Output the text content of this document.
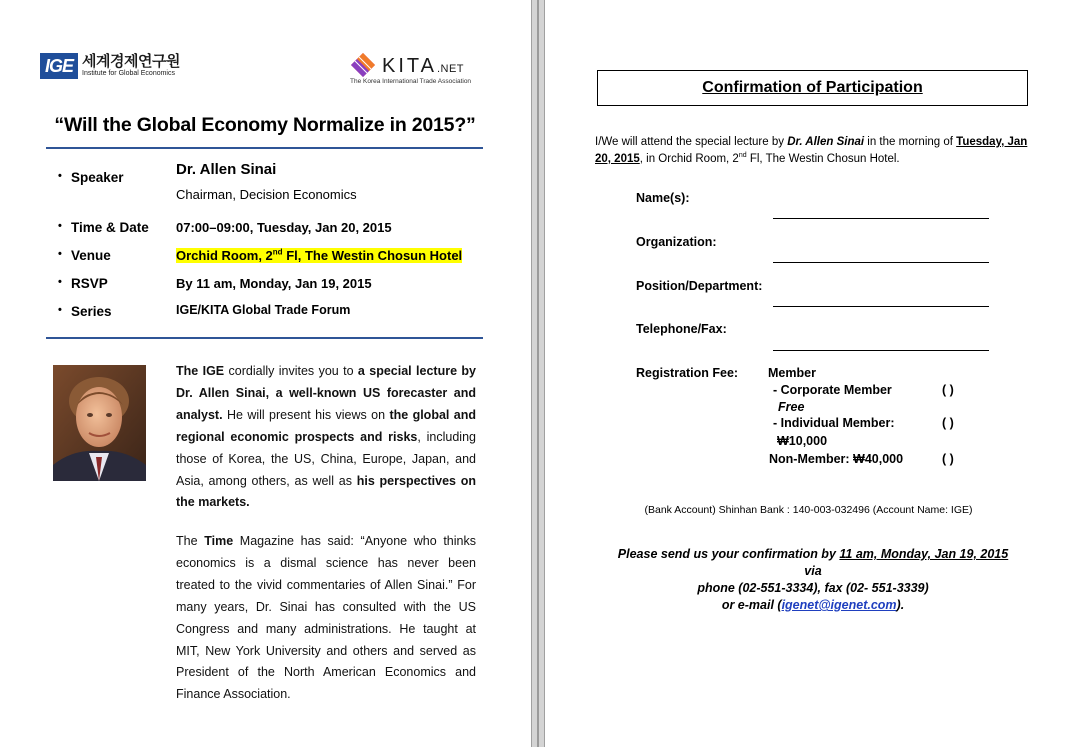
IGE 세계경제연구원
Institute for Global Economics	KITA.NET
The Korea International Trade Association
“Will the Global Economy Normalize in 2015?”
• Speaker	Dr. Allen Sinai
Chairman, Decision Economics
• Time & Date 07:00–09:00, Tuesday, Jan 20, 2015
• Venue	Orchid Room, 2nd Fl, The Westin Chosun Hotel
• RSVP	By 11 am, Monday, Jan 19, 2015
• Series	IGE/KITA Global Trade Forum
The IGE cordially invites you to a special lecture by Dr. Allen Sinai, a well-known US forecaster and analyst. He will present his views on the global and regional economic prospects and risks, including those of Korea, the US, China, Europe, Japan, and Asia, among others, as well as his perspectives on the markets.
The Time Magazine has said: “Anyone who thinks economics is a dismal science has never been treated to the vivid commentaries of Allen Sinai.” For many years, Dr. Sinai has consulted with the US Congress and many administrations. He taught at MIT, New York University and others and served as President of the North American Economics and Finance Association.
Confirmation of Participation
I/We will attend the special lecture by Dr. Allen Sinai in the morning of Tuesday, Jan 20, 2015, in Orchid Room, 2nd Fl, The Westin Chosun Hotel.
Name(s):
Organization:
Position/Department:
Telephone/Fax:
Registration Fee: Member
- Corporate Member	( )
Free
- Individual Member:	( )
₩10,000
Non-Member: ₩40,000	( )
(Bank Account) Shinhan Bank : 140-003-032496 (Account Name: IGE)
Please send us your confirmation by 11 am, Monday, Jan 19, 2015
via
phone (02-551-3334), fax (02- 551-3339)
or e-mail (igenet@igenet.com).
